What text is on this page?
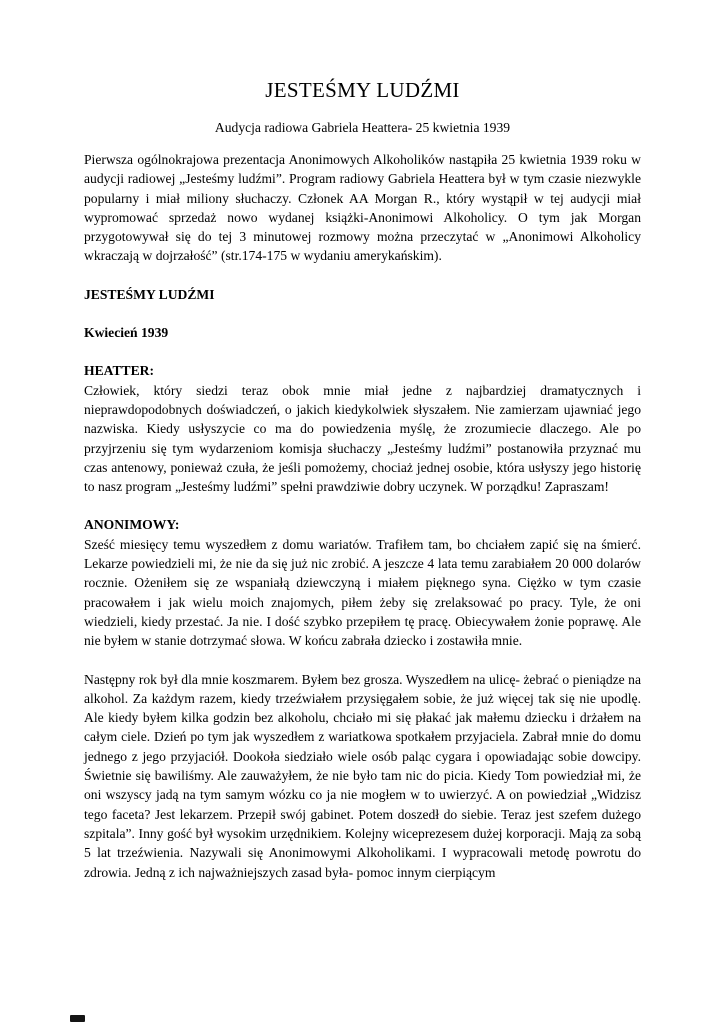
JESTEŚMY LUDŹMI

Audycja radiowa Gabriela Heattera- 25 kwietnia 1939

Pierwsza ogólnokrajowa prezentacja Anonimowych Alkoholików nastąpiła 25 kwietnia 1939 roku w audycji radiowej „Jesteśmy ludźmi”. Program radiowy Gabriela Heattera był w tym czasie niezwykle popularny i miał miliony słuchaczy. Członek AA Morgan R., który wystąpił w tej audycji miał wypromować sprzedaż nowo wydanej książki-Anonimowi Alkoholicy. O tym jak Morgan przygotowywał się do tej 3 minutowej rozmowy można przeczytać w „Anonimowi Alkoholicy wkraczają w dojrzałość” (str.174-175 w wydaniu amerykańskim).

JESTEŚMY LUDŹMI

Kwiecień 1939

HEATTER:

Człowiek, który siedzi teraz obok mnie miał jedne z najbardziej dramatycznych i nieprawdopodobnych doświadczeń, o jakich kiedykolwiek słyszałem. Nie zamierzam ujawniać jego nazwiska. Kiedy usłyszycie co ma do powiedzenia myślę, że zrozumiecie dlaczego. Ale po przyjrzeniu się tym wydarzeniom komisja słuchaczy „Jesteśmy ludźmi” postanowiła przyznać mu czas antenowy, ponieważ czuła, że jeśli pomożemy, chociaż jednej osobie, która usłyszy jego historię to nasz program „Jesteśmy ludźmi” spełni prawdziwie dobry uczynek. W porządku! Zapraszam!

ANONIMOWY:

Sześć miesięcy temu wyszedłem z domu wariatów. Trafiłem tam, bo chciałem zapić się na śmierć. Lekarze powiedzieli mi, że nie da się już nic zrobić. A jeszcze 4 lata temu zarabiałem 20 000 dolarów rocznie. Ożeniłem się ze wspaniałą dziewczyną i miałem pięknego syna. Ciężko w tym czasie pracowałem i jak wielu moich znajomych, piłem żeby się zrelaksować po pracy. Tyle, że oni wiedzieli, kiedy przestać. Ja nie. I dość szybko przepiłem tę pracę. Obiecywałem żonie poprawę. Ale nie byłem w stanie dotrzymać słowa. W końcu zabrała dziecko i zostawiła mnie.

Następny rok był dla mnie koszmarem. Byłem bez grosza. Wyszedłem na ulicę- żebrać o pieniądze na alkohol. Za każdym razem, kiedy trzeźwiałem przysięgałem sobie, że już więcej tak się nie upodlę. Ale kiedy byłem kilka godzin bez alkoholu, chciało mi się płakać jak małemu dziecku i drżałem na całym ciele. Dzień po tym jak wyszedłem z wariatkowa spotkałem przyjaciela. Zabrał mnie do domu jednego z jego przyjaciół. Dookoła siedziało wiele osób paląc cygara i opowiadając sobie dowcipy. Świetnie się bawiliśmy. Ale zauważyłem, że nie było tam nic do picia. Kiedy Tom powiedział mi, że oni wszyscy jadą na tym samym wózku co ja nie mogłem w to uwierzyć. A on powiedział „Widzisz tego faceta? Jest lekarzem. Przepił swój gabinet. Potem doszedł do siebie. Teraz jest szefem dużego szpitala”. Inny gość był wysokim urzędnikiem. Kolejny wiceprezesem dużej korporacji. Mają za sobą 5 lat trzeźwienia. Nazywali się Anonimowymi Alkoholikami. I wypracowali metodę powrotu do zdrowia. Jedną z ich najważniejszych zasad była- pomoc innym cierpiącym
